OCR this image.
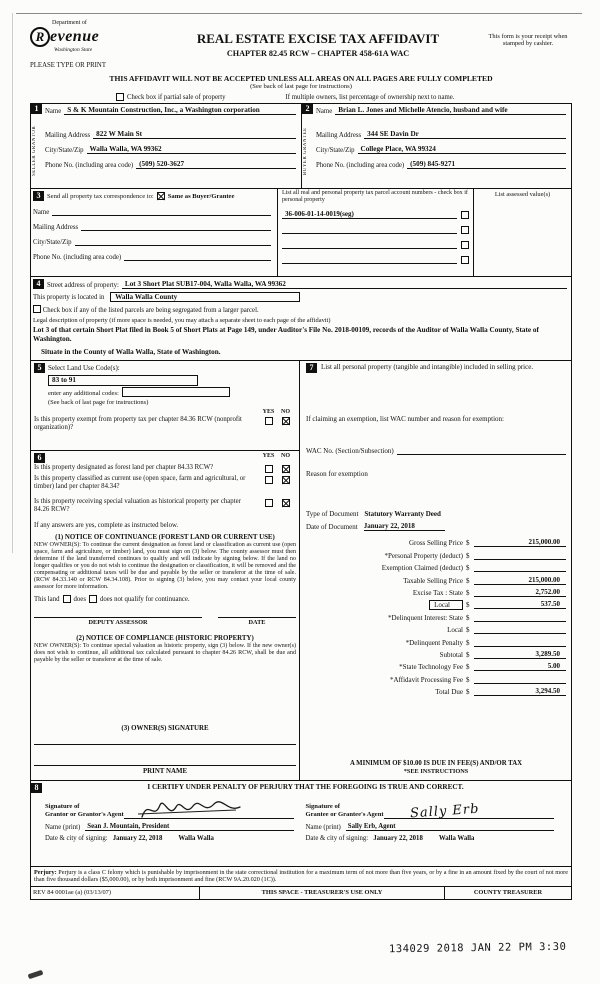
Department of
R evenue
Washington State
PLEASE TYPE OR PRINT
REAL ESTATE EXCISE TAX AFFIDAVIT
CHAPTER 82.45 RCW – CHAPTER 458-61A WAC
This form is your receipt when stamped by cashier.
THIS AFFIDAVIT WILL NOT BE ACCEPTED UNLESS ALL AREAS ON ALL PAGES ARE FULLY COMPLETED
(See back of last page for instructions)
Check box if partial sale of property	If multiple owners, list percentage of ownership next to name.
1
SELLER GRANTOR
Name S & K Mountain Construction, Inc., a Washington corporation
Mailing Address 822 W Main St
City/State/Zip Walla Walla, WA 99362
Phone No. (including area code) (509) 520-3627
2
BUYER GRANTEE
Name Brian L. Jones and Michelle Atencio, husband and wife
Mailing Address 344 SE Davin Dr
City/State/Zip College Place, WA 99324
Phone No. (including area code) (509) 845-9271
3 Send all property tax correspondence to: Same as Buyer/Grantee
Name
Mailing Address
City/State/Zip
Phone No. (including area code)
List all real and personal property tax parcel account numbers - check box if personal property
36-006-01-14-0019(seg)
List assessed value(s)
4 Street address of property: Lot 3 Short Plat SUB17-004, Walla Walla, WA 99362
This property is located in Walla Walla County
Check box if any of the listed parcels are being segregated from a larger parcel.
Legal description of property (if more space is needed, you may attach a separate sheet to each page of the affidavit)
Lot 3 of that certain Short Plat filed in Book 5 of Short Plats at Page 149, under Auditor's File No. 2018-00109, records of the Auditor of Walla Walla County, State of Washington.
Situate in the County of Walla Walla, State of Washington.
5 Select Land Use Code(s):
83 to 91
enter any additional codes:
(See back of last page for instructions)
YES	NO
Is this property exempt from property tax per chapter 84.36 RCW (nonprofit organization)?
6	YES	NO
Is this property designated as forest land per chapter 84.33 RCW?
Is this property classified as current use (open space, farm and agricultural, or timber) land per chapter 84.34?
Is this property receiving special valuation as historical property per chapter 84.26 RCW?
If any answers are yes, complete as instructed below.
(1) NOTICE OF CONTINUANCE (FOREST LAND OR CURRENT USE)
NEW OWNER(S): To continue the current designation as forest land or classification as current use (open space, farm and agriculture, or timber) land, you must sign on (3) below. The county assessor must then determine if the land transferred continues to qualify and will indicate by signing below. If the land no longer qualifies or you do not wish to continue the designation or classification, it will be removed and the compensating or additional taxes will be due and payable by the seller or transferor at the time of sale. (RCW 84.33.140 or RCW 84.34.108). Prior to signing (3) below, you may contact your local county assessor for more information.
This land does does not qualify for continuance.
DEPUTY ASSESSOR	DATE
(2) NOTICE OF COMPLIANCE (HISTORIC PROPERTY)
NEW OWNER(S): To continue special valuation as historic property, sign (3) below. If the new owner(s) does not wish to continue, all additional tax calculated pursuant to chapter 84.26 RCW, shall be due and payable by the seller or transferor at the time of sale.
(3) OWNER(S) SIGNATURE
PRINT NAME
7	List all personal property (tangible and intangible) included in selling price.
If claiming an exemption, list WAC number and reason for exemption:
WAC No. (Section/Subsection)
Reason for exemption
Type of Document Statutory Warranty Deed
Date of Document January 22, 2018
Gross Selling Price $	215,000.00
*Personal Property (deduct) $
Exemption Claimed (deduct) $
Taxable Selling Price $	215,000.00
Excise Tax : State $	2,752.00
Local	$	537.50
*Delinquent Interest: State $
Local $
*Delinquent Penalty $
Subtotal $	3,289.50
*State Technology Fee $	5.00
*Affidavit Processing Fee $
Total Due $	3,294.50
A MINIMUM OF $10.00 IS DUE IN FEE(S) AND/OR TAX
*SEE INSTRUCTIONS
8	I CERTIFY UNDER PENALTY OF PERJURY THAT THE FOREGOING IS TRUE AND CORRECT.
Signature of
Grantor or Grantor's Agent
Name (print) Sean J. Mountain, President
Date & city of signing: January 22, 2018 Walla Walla
Signature of
Grantee or Grantee's Agent Sally Erb
Name (print) Sally Erb, Agent
Date & city of signing: January 22, 2018 Walla Walla
Perjury: Perjury is a class C felony which is punishable by imprisonment in the state correctional institution for a maximum term of not more than five years, or by a fine in an amount fixed by the court of not more than five thousand dollars ($5,000.00), or by both imprisonment and fine (RCW 9A.20.020 (1C)).
REV 84 0001ae (a) (03/13/07)	THIS SPACE - TREASURER'S USE ONLY	COUNTY TREASURER
134029 2018 JAN 22 PM 3:30
